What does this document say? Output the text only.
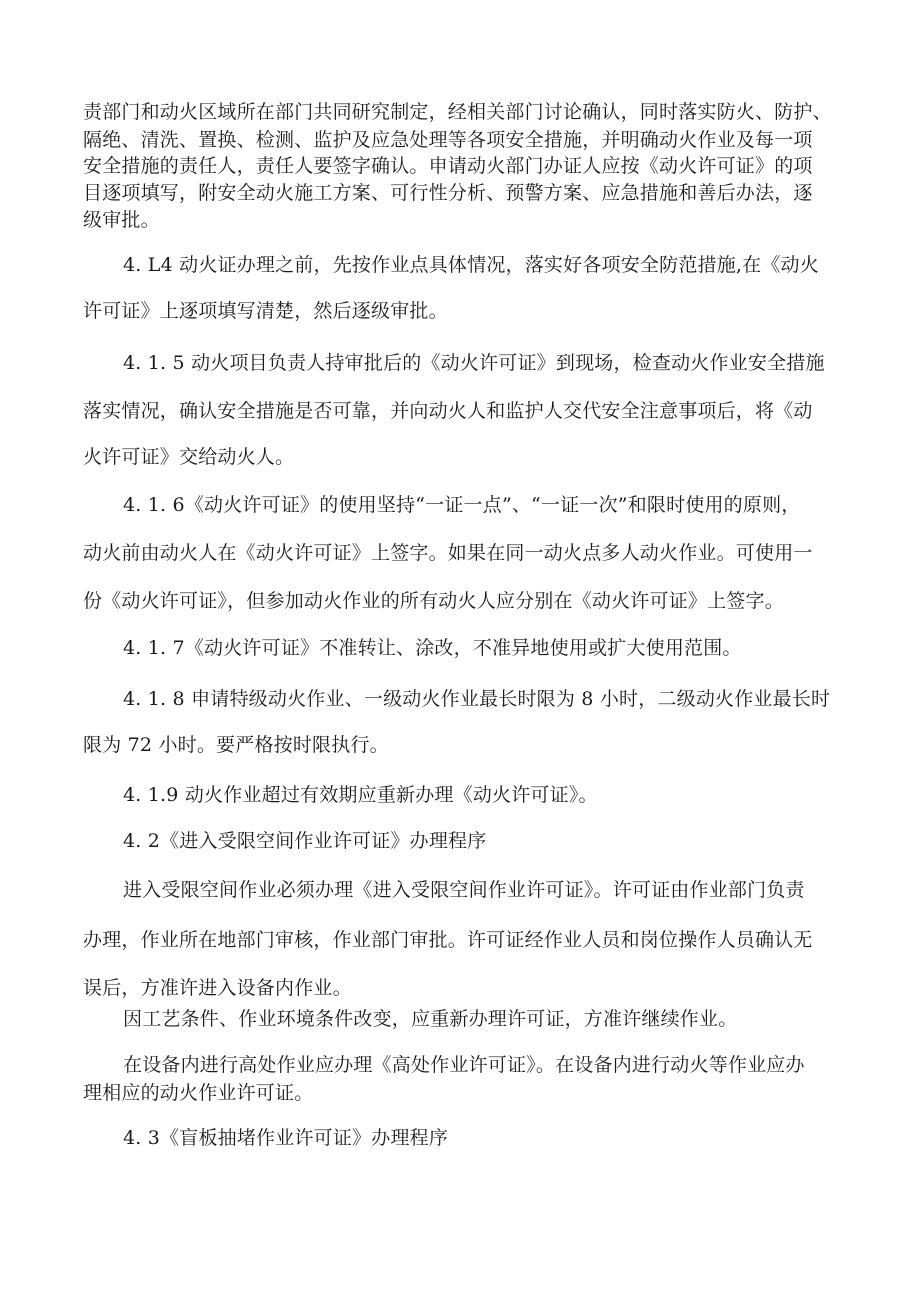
责部门和动火区域所在部门共同研究制定，经相关部门讨论确认，同时落实防火、防护、
隔绝、清洗、置换、检测、监护及应急处理等各项安全措施，并明确动火作业及每一项
安全措施的责任人，责任人要签字确认。申请动火部门办证人应按《动火许可证》的项
目逐项填写，附安全动火施工方案、可行性分析、预警方案、应急措施和善后办法，逐
级审批。
4. L4 动火证办理之前，先按作业点具体情况，落实好各项安全防范措施,在《动火
许可证》上逐项填写清楚，然后逐级审批。
4. 1. 5 动火项目负责人持审批后的《动火许可证》到现场，检查动火作业安全措施
落实情况，确认安全措施是否可靠，并向动火人和监护人交代安全注意事项后，将《动
火许可证》交给动火人。
4. 1. 6《动火许可证》的使用坚持“一证一点”、“一证一次”和限时使用的原则，
动火前由动火人在《动火许可证》上签字。如果在同一动火点多人动火作业。可使用一
份《动火许可证》，但参加动火作业的所有动火人应分别在《动火许可证》上签字。
4. 1. 7《动火许可证》不准转让、涂改，不准异地使用或扩大使用范围。
4. 1. 8 申请特级动火作业、一级动火作业最长时限为 8 小时，二级动火作业最长时
限为 72 小时。要严格按时限执行。
4. 1.9 动火作业超过有效期应重新办理《动火许可证》。
4. 2《进入受限空间作业许可证》办理程序
进入受限空间作业必须办理《进入受限空间作业许可证》。许可证由作业部门负责
办理，作业所在地部门审核，作业部门审批。许可证经作业人员和岗位操作人员确认无
误后，方准许进入设备内作业。
因工艺条件、作业环境条件改变，应重新办理许可证，方准许继续作业。
在设备内进行高处作业应办理《高处作业许可证》。在设备内进行动火等作业应办
理相应的动火作业许可证。
4. 3《盲板抽堵作业许可证》办理程序
